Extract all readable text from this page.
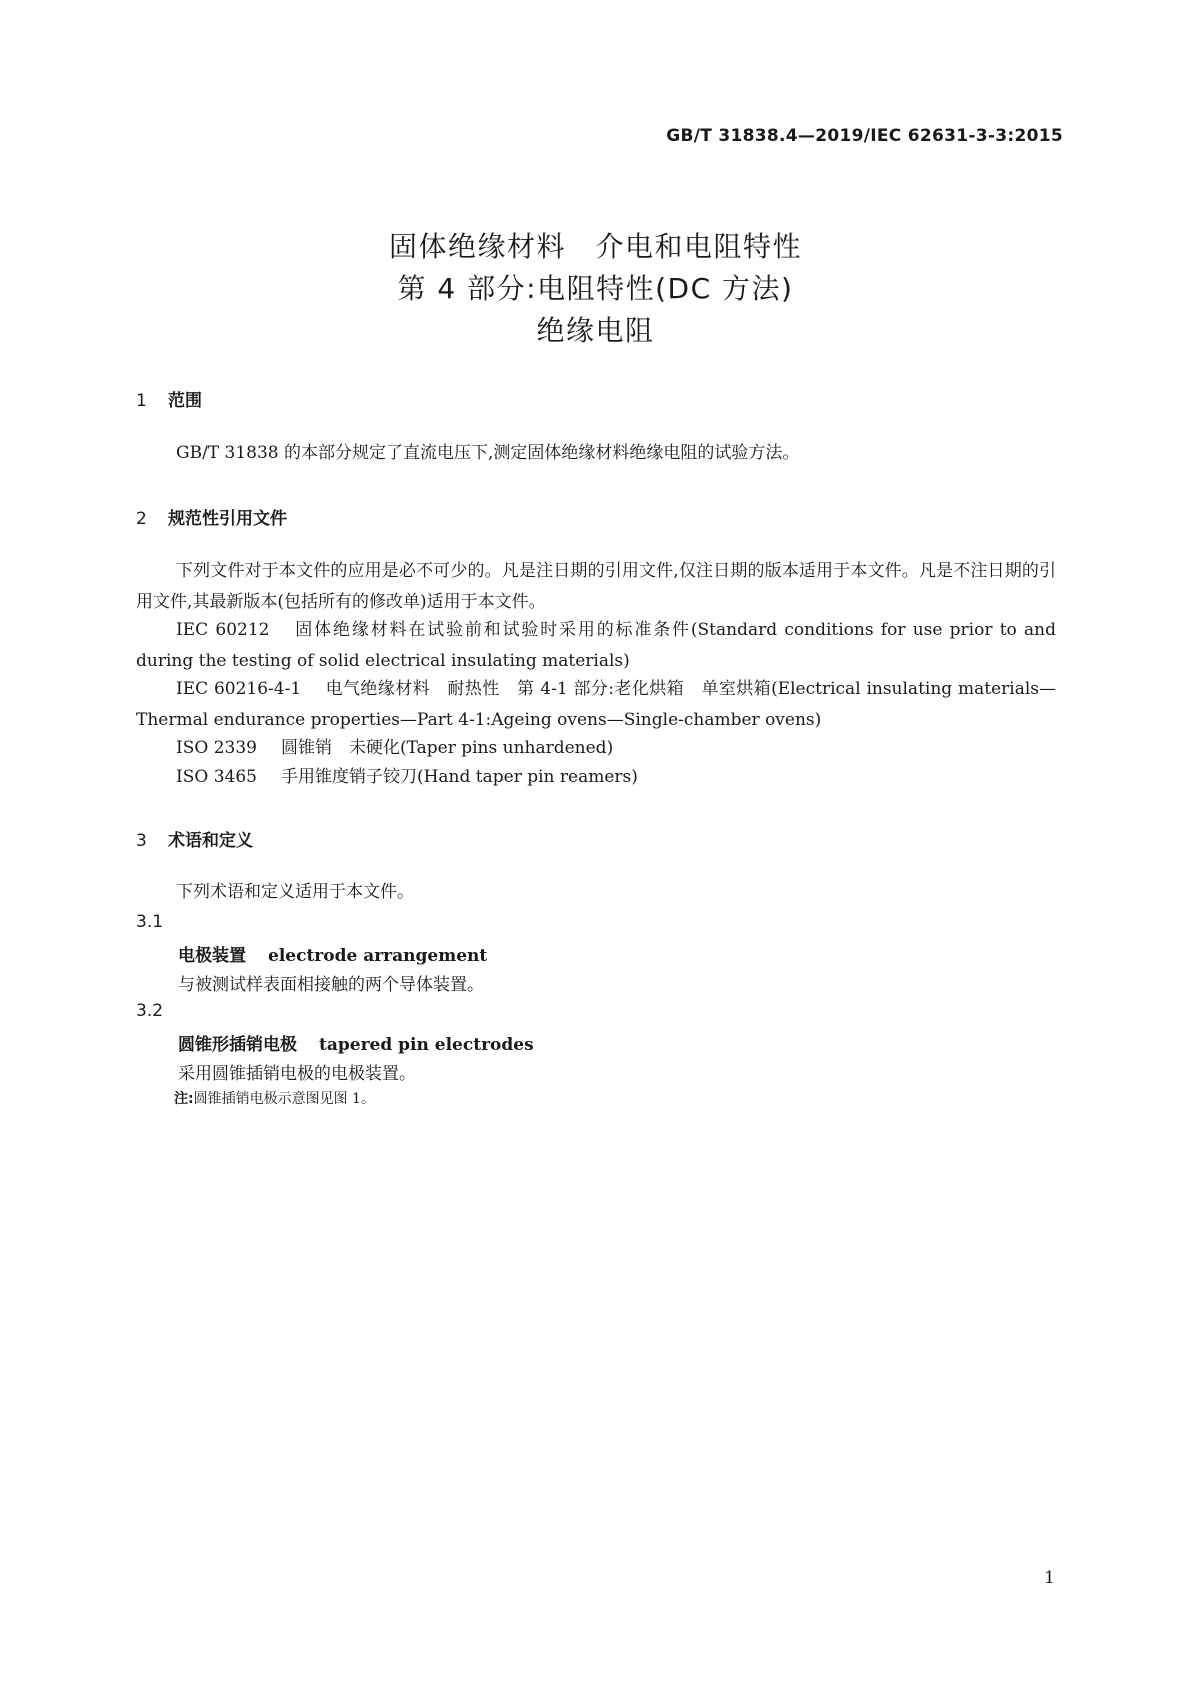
GB/T 31838.4—2019/IEC 62631-3-3:2015
固体绝缘材料　介电和电阻特性
第 4 部分:电阻特性(DC 方法)
绝缘电阻
1 范围
GB/T 31838 的本部分规定了直流电压下,测定固体绝缘材料绝缘电阻的试验方法。
2 规范性引用文件
下列文件对于本文件的应用是必不可少的。凡是注日期的引用文件,仅注日期的版本适用于本文件。凡是不注日期的引用文件,其最新版本(包括所有的修改单)适用于本文件。
IEC 60212 固体绝缘材料在试验前和试验时采用的标准条件(Standard conditions for use prior to and during the testing of solid electrical insulating materials)
IEC 60216-4-1 电气绝缘材料　耐热性　第 4-1 部分:老化烘箱　单室烘箱(Electrical insulating materials—Thermal endurance properties—Part 4-1:Ageing ovens—Single-chamber ovens)
ISO 2339 圆锥销　未硬化(Taper pins unhardened)
ISO 3465 手用锥度销子铰刀(Hand taper pin reamers)
3 术语和定义
下列术语和定义适用于本文件。
3.1
电极装置 electrode arrangement
与被测试样表面相接触的两个导体装置。
3.2
圆锥形插销电极 tapered pin electrodes
采用圆锥插销电极的电极装置。
注:圆锥插销电极示意图见图 1。
1
